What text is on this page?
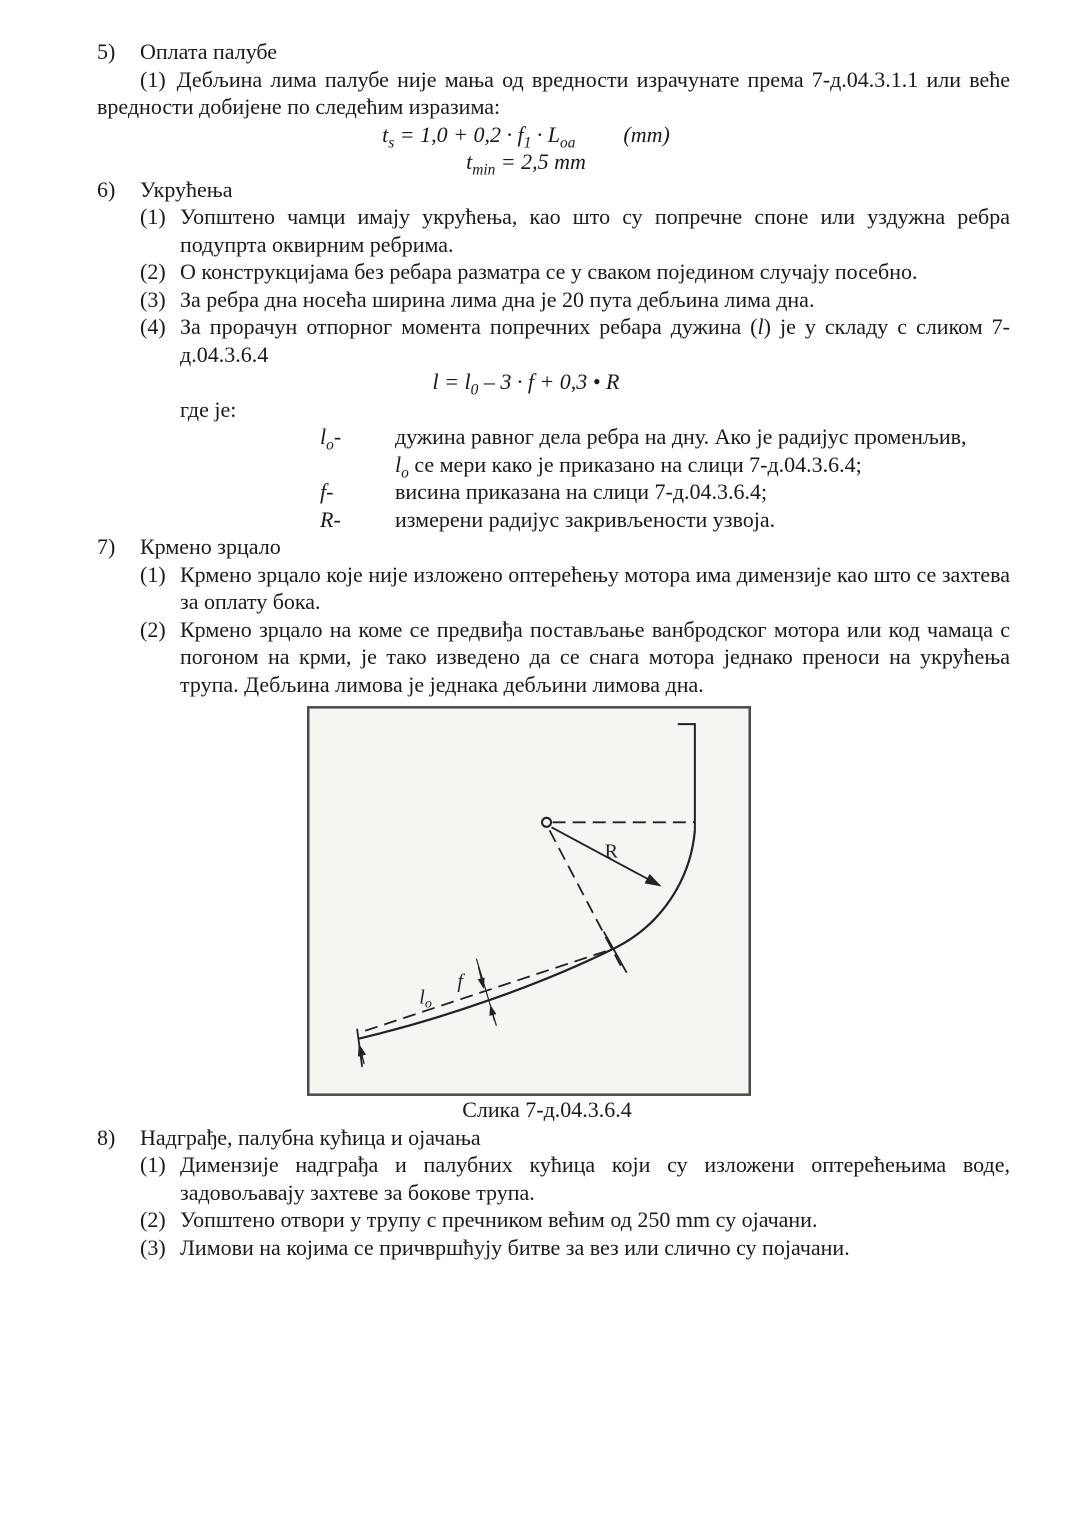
5) Оплата палубе

(1) Дебљина лима палубе није мања од вредности израчунате према 7-д.04.3.1.1 или веће вредности добијене по следећим изразима:

$t_s = 1,0 + 0,2 \cdot f_1 \cdot L_{oa}$ (mm)
$t_{min} = 2,5$ mm
6) Укрућења
(1) Уопштено чамци имају укрућења, као што су попречне споне или уздужна ребра подупрта оквирним ребрима.
(2) О конструкцијама без ребара разматра се у сваком поједином случају посебно.
(3) За ребра дна носећа ширина лима дна је 20 пута дебљина лима дна.
(4) За прорачун отпорног момента попречних ребара дужина (l) је у складу с сликом 7-д.04.3.6.4
$l = l_0 - 3 \cdot f + 0,3$ • R
где је:
$l_o-$ дужина равног дела ребра на дну. Ако је радијус променљив,
$l_o$ се мери како је приказано на слици 7-д.04.3.6.4;
f-	висина приказана на слици 7-д.04.3.6.4;
R- измерени радијус закривљености узвоја.
7) Крмено зрцало
(1) Крмено зрцало које није изложено оптерећењу мотора има димензије као што се захтева за оплату бока.
(2) Крмено зрцало на коме се предвиђа постављање ванбродског мотора или код чамаца с погоном на крми, је тако изведено да се снага мотора једнако преноси на укрућења трупа. Дебљина лимова је једнака дебљини лимова дна.
R
$l_o$
f
Слика 7-д.04.3.6.4
8) Надграђе, палубна кућица и ојачања
(1) Димензије надграђа и палубних кућица који су изложени оптерећењима воде, задовољавају захтеве за бокове трупа.
(2) Уопштено отвори у трупу с пречником већим од 250 mm су ојачани.
(3) Лимови на којима се причвршћују битве за вез или слично су појачани.
